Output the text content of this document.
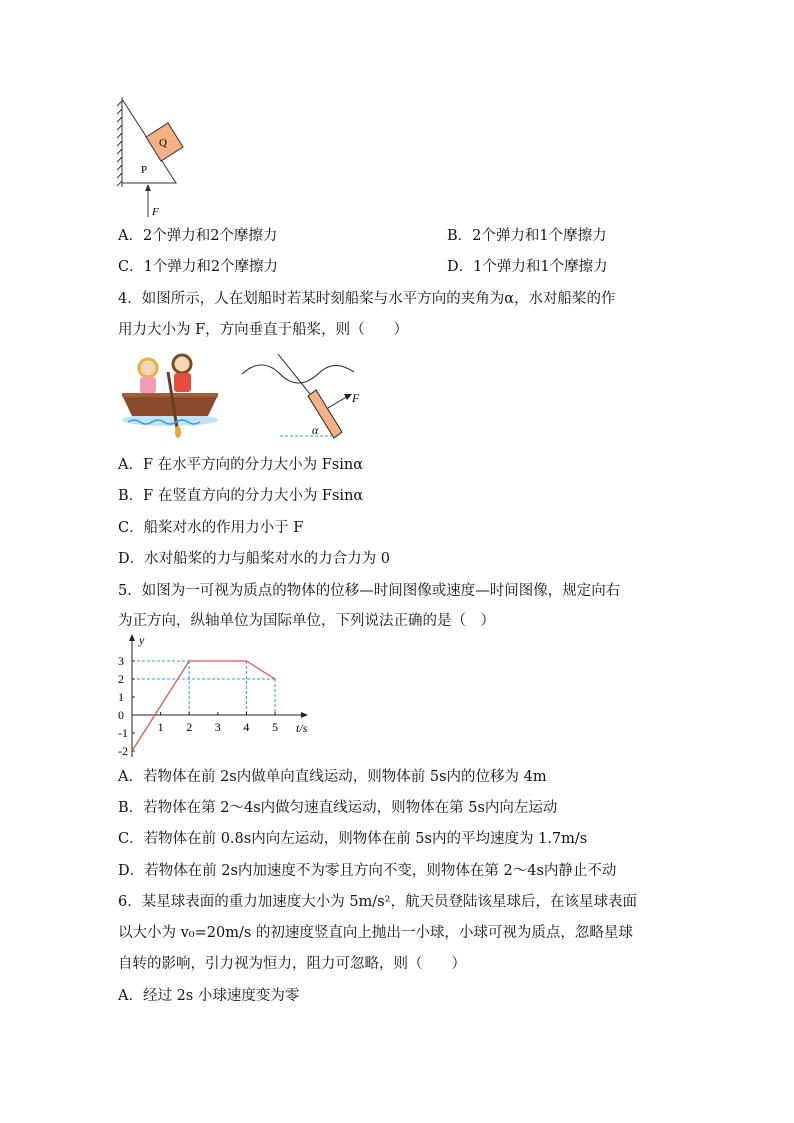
Q
P
F
A．2个弹力和2个摩擦力	B．2个弹力和1个摩擦力
C．1个弹力和2个摩擦力	D．1个弹力和1个摩擦力
4．如图所示，人在划船时若某时刻船桨与水平方向的夹角为α，水对船桨的作
用力大小为 F，方向垂直于船桨，则（　　）
F
α
A．F 在水平方向的分力大小为 Fsinα
B．F 在竖直方向的分力大小为 Fsinα
C．船桨对水的作用力小于 F
D．水对船桨的力与船桨对水的力合力为 0
5．如图为一可视为质点的物体的位移—时间图像或速度—时间图像，规定向右
为正方向，纵轴单位为国际单位，下列说法正确的是（　）
y
t/s
3
2
1
0
-1
-2
1 2 3 4 5
A．若物体在前 2s内做单向直线运动，则物体前 5s内的位移为 4m
B．若物体在第 2～4s内做匀速直线运动，则物体在第 5s内向左运动
C．若物体在前 0.8s内向左运动，则物体在前 5s内的平均速度为 1.7m/s
D．若物体在前 2s内加速度不为零且方向不变，则物体在第 2～4s内静止不动
6．某星球表面的重力加速度大小为 5m/s²，航天员登陆该星球后，在该星球表面
以大小为 v₀=20m/s 的初速度竖直向上抛出一小球，小球可视为质点，忽略星球
自转的影响，引力视为恒力，阻力可忽略，则（　　）
A．经过 2s 小球速度变为零
